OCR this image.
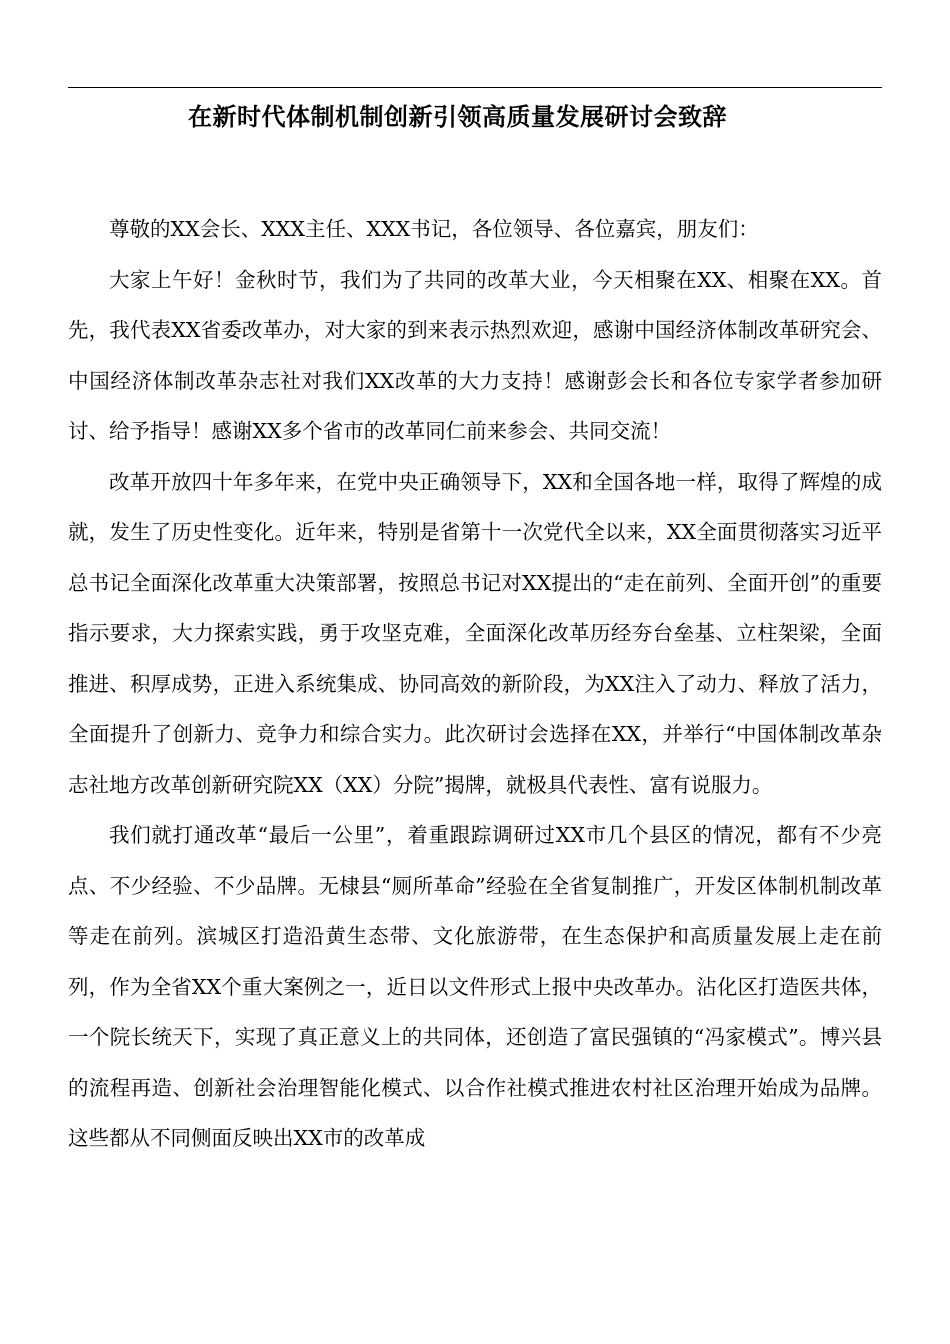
在新时代体制机制创新引领高质量发展研讨会致辞

尊敬的XX会长、XXX主任、XXX书记，各位领导、各位嘉宾，朋友们：

大家上午好！金秋时节，我们为了共同的改革大业，今天相聚在XX、相聚在XX。首先，我代表XX省委改革办，对大家的到来表示热烈欢迎，感谢中国经济体制改革研究会、中国经济体制改革杂志社对我们XX改革的大力支持！感谢彭会长和各位专家学者参加研讨、给予指导！感谢XX多个省市的改革同仁前来参会、共同交流！

改革开放四十年多年来，在党中央正确领导下，XX和全国各地一样，取得了辉煌的成就，发生了历史性变化。近年来，特别是省第十一次党代全以来，XX全面贯彻落实习近平总书记全面深化改革重大决策部署，按照总书记对XX提出的“走在前列、全面开创”的重要指示要求，大力探索实践，勇于攻坚克难，全面深化改革历经夯台垒基、立柱架梁，全面推进、积厚成势，正进入系统集成、协同高效的新阶段，为XX注入了动力、释放了活力，全面提升了创新力、竞争力和综合实力。此次研讨会选择在XX，并举行“中国体制改革杂志社地方改革创新研究院XX（XX）分院”揭牌，就极具代表性、富有说服力。

我们就打通改革“最后一公里”，着重跟踪调研过XX市几个县区的情况，都有不少亮点、不少经验、不少品牌。无棣县“厕所革命”经验在全省复制推广，开发区体制机制改革等走在前列。滨城区打造沿黄生态带、文化旅游带，在生态保护和高质量发展上走在前列，作为全省XX个重大案例之一，近日以文件形式上报中央改革办。沾化区打造医共体，一个院长统天下，实现了真正意义上的共同体，还创造了富民强镇的“冯家模式”。博兴县的流程再造、创新社会治理智能化模式、以合作社模式推进农村社区治理开始成为品牌。这些都从不同侧面反映出XX市的改革成
